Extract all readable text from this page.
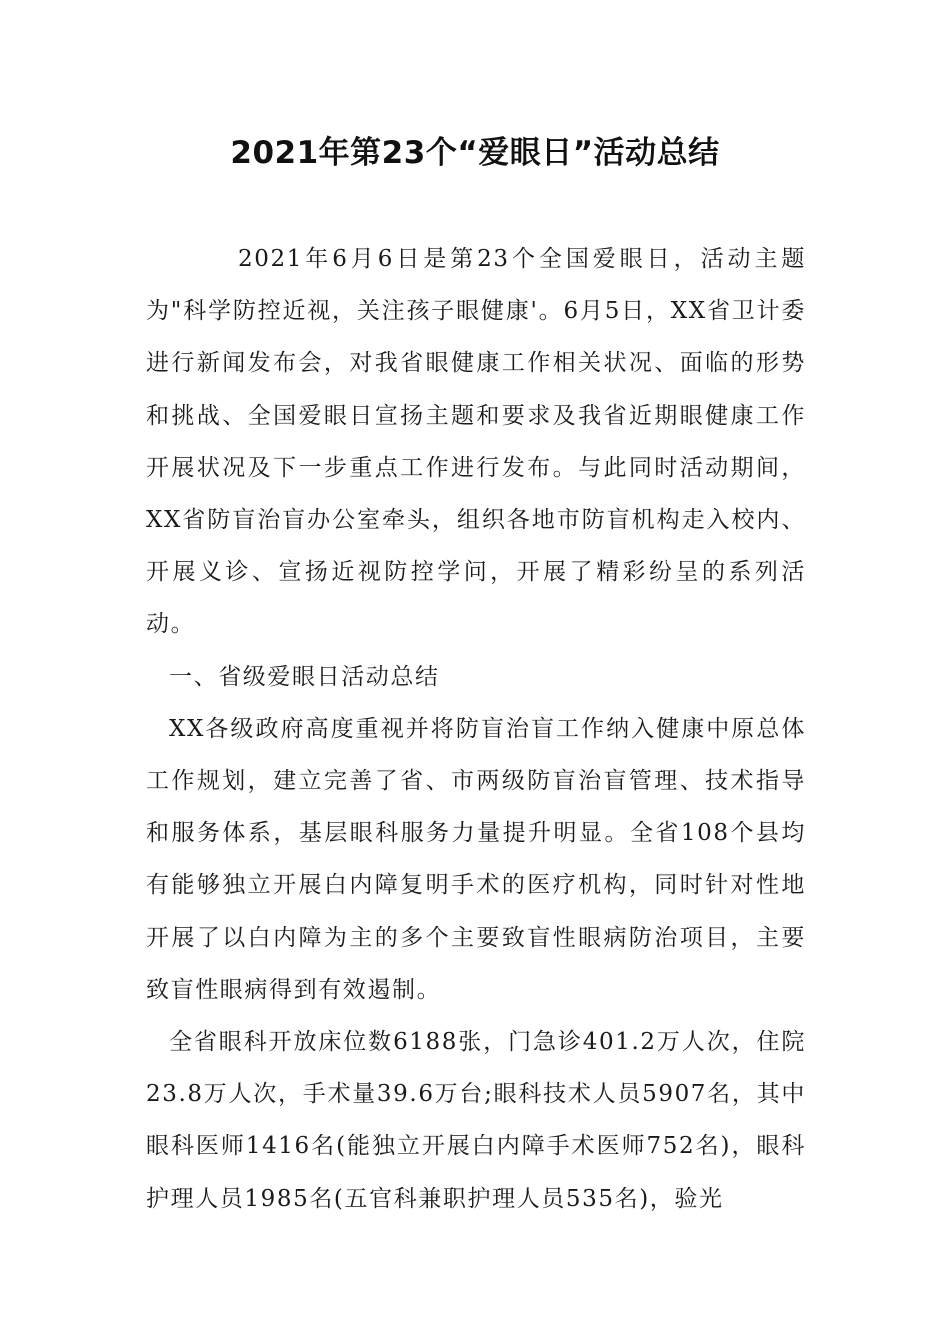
2021年第23个“爱眼日”活动总结

2021年6月6日是第23个全国爱眼日，活动主题为"科学防控近视，关注孩子眼健康'。6月5日，XX省卫计委进行新闻发布会，对我省眼健康工作相关状况、面临的形势和挑战、全国爱眼日宣扬主题和要求及我省近期眼健康工作开展状况及下一步重点工作进行发布。与此同时活动期间，XX省防盲治盲办公室牵头，组织各地市防盲机构走入校内、开展义诊、宣扬近视防控学问，开展了精彩纷呈的系列活动。

一、省级爱眼日活动总结

XX各级政府高度重视并将防盲治盲工作纳入健康中原总体工作规划，建立完善了省、市两级防盲治盲管理、技术指导和服务体系，基层眼科服务力量提升明显。全省108个县均有能够独立开展白内障复明手术的医疗机构，同时针对性地开展了以白内障为主的多个主要致盲性眼病防治项目，主要致盲性眼病得到有效遏制。

全省眼科开放床位数6188张，门急诊401.2万人次，住院23.8万人次，手术量39.6万台;眼科技术人员5907名，其中眼科医师1416名(能独立开展白内障手术医师752名)，眼科护理人员1985名(五官科兼职护理人员535名)，验光
